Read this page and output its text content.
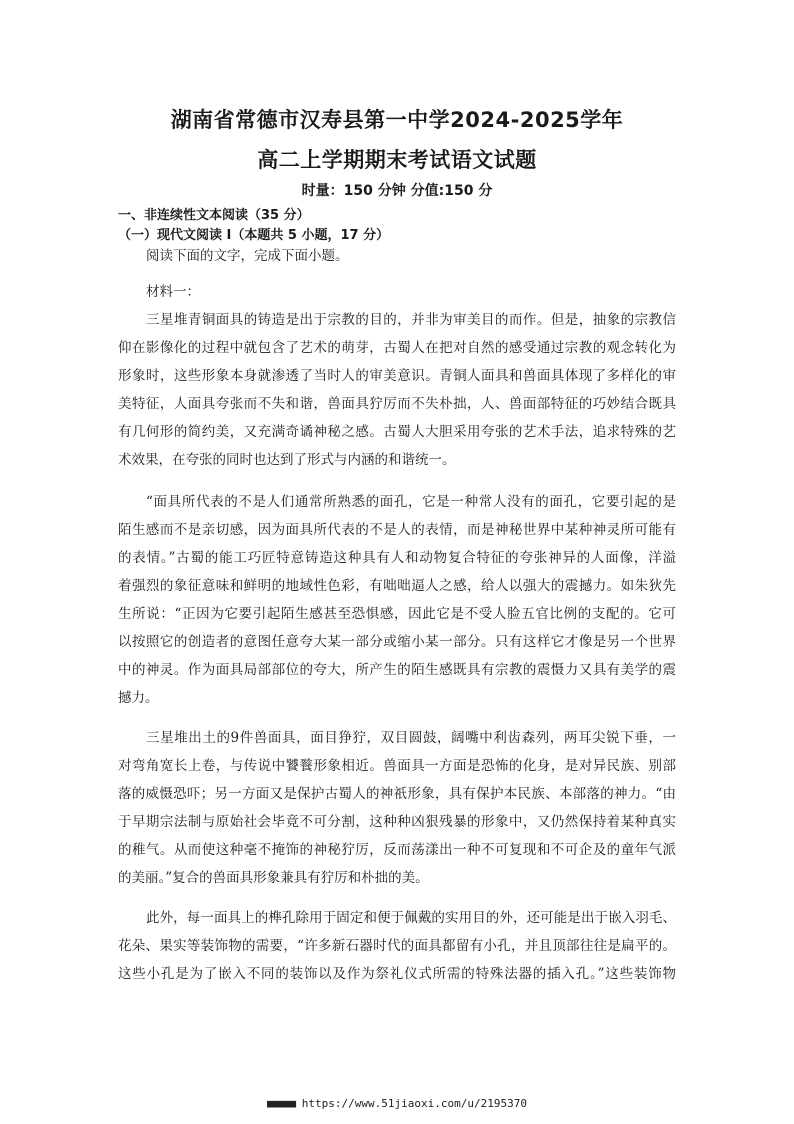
湖南省常德市汉寿县第一中学2024-2025学年
高二上学期期末考试语文试题
时量：150 分钟 分值:150 分
一、非连续性文本阅读（35 分）
（一）现代文阅读 I（本题共 5 小题，17 分）
阅读下面的文字，完成下面小题。
材料一：
三星堆青铜面具的铸造是出于宗教的目的，并非为审美目的而作。但是，抽象的宗教信
仰在影像化的过程中就包含了艺术的萌芽，古蜀人在把对自然的感受通过宗教的观念转化为
形象时，这些形象本身就渗透了当时人的审美意识。青铜人面具和兽面具体现了多样化的审
美特征，人面具夸张而不失和谐，兽面具狞厉而不失朴拙，人、兽面部特征的巧妙结合既具
有几何形的简约美，又充满奇谲神秘之感。古蜀人大胆采用夸张的艺术手法，追求特殊的艺
术效果，在夸张的同时也达到了形式与内涵的和谐统一。
“面具所代表的不是人们通常所熟悉的面孔，它是一种常人没有的面孔，它要引起的是
陌生感而不是亲切感，因为面具所代表的不是人的表情，而是神秘世界中某种神灵所可能有
的表情。”古蜀的能工巧匠特意铸造这种具有人和动物复合特征的夸张神异的人面像，洋溢
着强烈的象征意味和鲜明的地域性色彩，有咄咄逼人之感，给人以强大的震撼力。如朱狄先
生所说：“正因为它要引起陌生感甚至恐惧感，因此它是不受人脸五官比例的支配的。它可
以按照它的创造者的意图任意夸大某一部分或缩小某一部分。只有这样它才像是另一个世界
中的神灵。作为面具局部部位的夸大，所产生的陌生感既具有宗教的震慑力又具有美学的震
撼力。
三星堆出土的9件兽面具，面目狰狞，双目圆鼓，阔嘴中利齿森列，两耳尖锐下垂，一
对弯角宽长上卷，与传说中饕餮形象相近。兽面具一方面是恐怖的化身，是对异民族、别部
落的威慑恐吓；另一方面又是保护古蜀人的神祇形象，具有保护本民族、本部落的神力。“由
于早期宗法制与原始社会毕竟不可分割，这种种凶狠残暴的形象中，又仍然保持着某种真实
的稚气。从而使这种毫不掩饰的神秘狞厉，反而荡漾出一种不可复现和不可企及的童年气派
的美丽。”复合的兽面具形象兼具有狞厉和朴拙的美。
此外，每一面具上的榫孔除用于固定和便于佩戴的实用目的外，还可能是出于嵌入羽毛、
花朵、果实等装饰物的需要，“许多新石器时代的面具都留有小孔，并且顶部往往是扁平的。
这些小孔是为了嵌入不同的装饰以及作为祭礼仪式所需的特殊法器的插入孔。”这些装饰物
■■■■■ https://www.51jiaoxi.com/u/2195370
